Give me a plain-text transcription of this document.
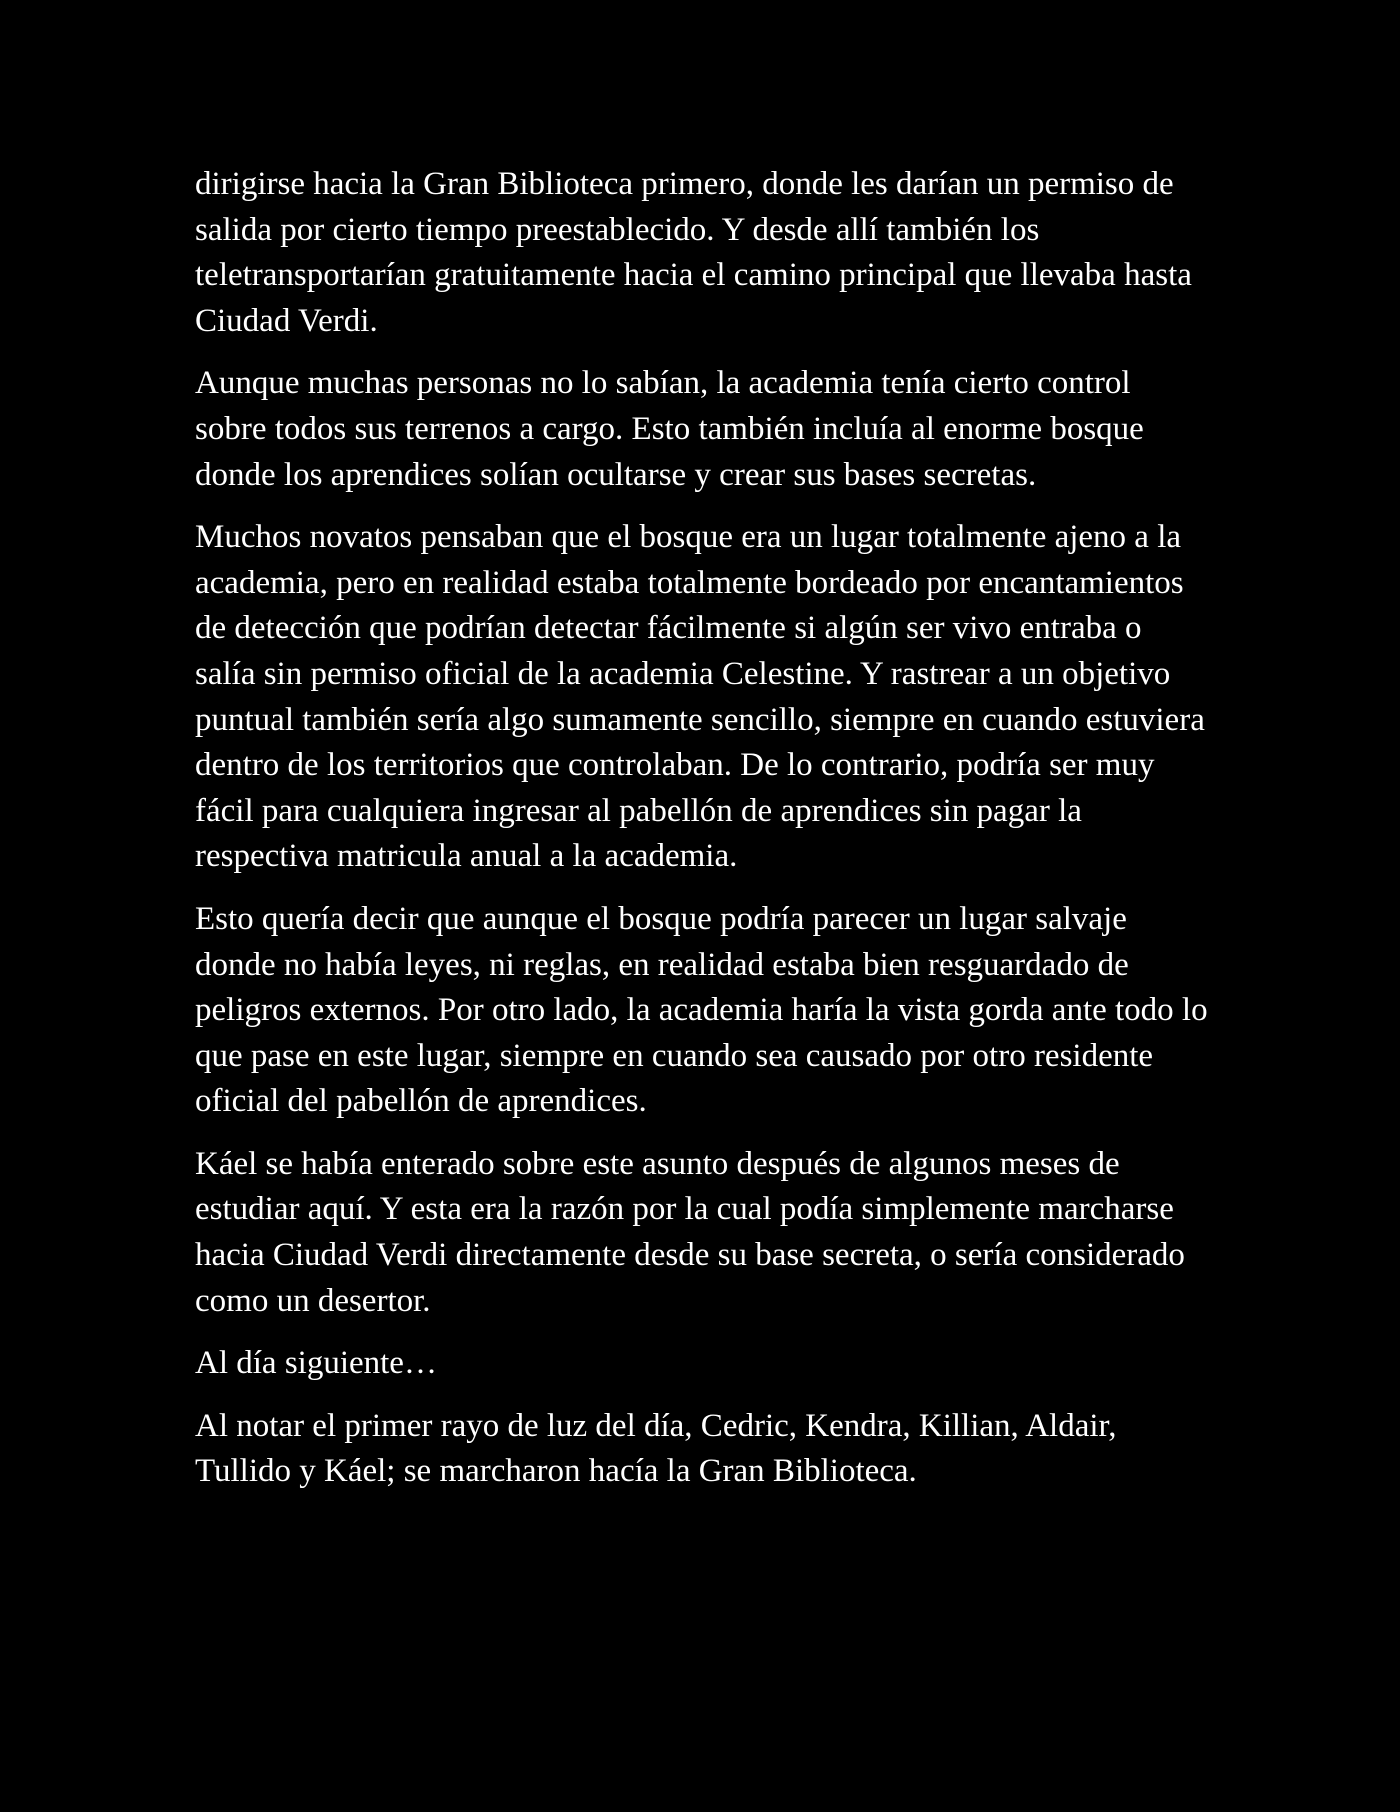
dirigirse hacia la Gran Biblioteca primero, donde les darían un permiso de salida por cierto tiempo preestablecido. Y desde allí también los teletransportarían gratuitamente hacia el camino principal que llevaba hasta Ciudad Verdi.

Aunque muchas personas no lo sabían, la academia tenía cierto control sobre todos sus terrenos a cargo. Esto también incluía al enorme bosque donde los aprendices solían ocultarse y crear sus bases secretas.

Muchos novatos pensaban que el bosque era un lugar totalmente ajeno a la academia, pero en realidad estaba totalmente bordeado por encantamientos de detección que podrían detectar fácilmente si algún ser vivo entraba o salía sin permiso oficial de la academia Celestine. Y rastrear a un objetivo puntual también sería algo sumamente sencillo, siempre en cuando estuviera dentro de los territorios que controlaban. De lo contrario, podría ser muy fácil para cualquiera ingresar al pabellón de aprendices sin pagar la respectiva matricula anual a la academia.

Esto quería decir que aunque el bosque podría parecer un lugar salvaje donde no había leyes, ni reglas, en realidad estaba bien resguardado de peligros externos. Por otro lado, la academia haría la vista gorda ante todo lo que pase en este lugar, siempre en cuando sea causado por otro residente oficial del pabellón de aprendices.

Káel se había enterado sobre este asunto después de algunos meses de estudiar aquí. Y esta era la razón por la cual podía simplemente marcharse hacia Ciudad Verdi directamente desde su base secreta, o sería considerado como un desertor.

Al día siguiente…

Al notar el primer rayo de luz del día, Cedric, Kendra, Killian, Aldair, Tullido y Káel; se marcharon hacía la Gran Biblioteca.
